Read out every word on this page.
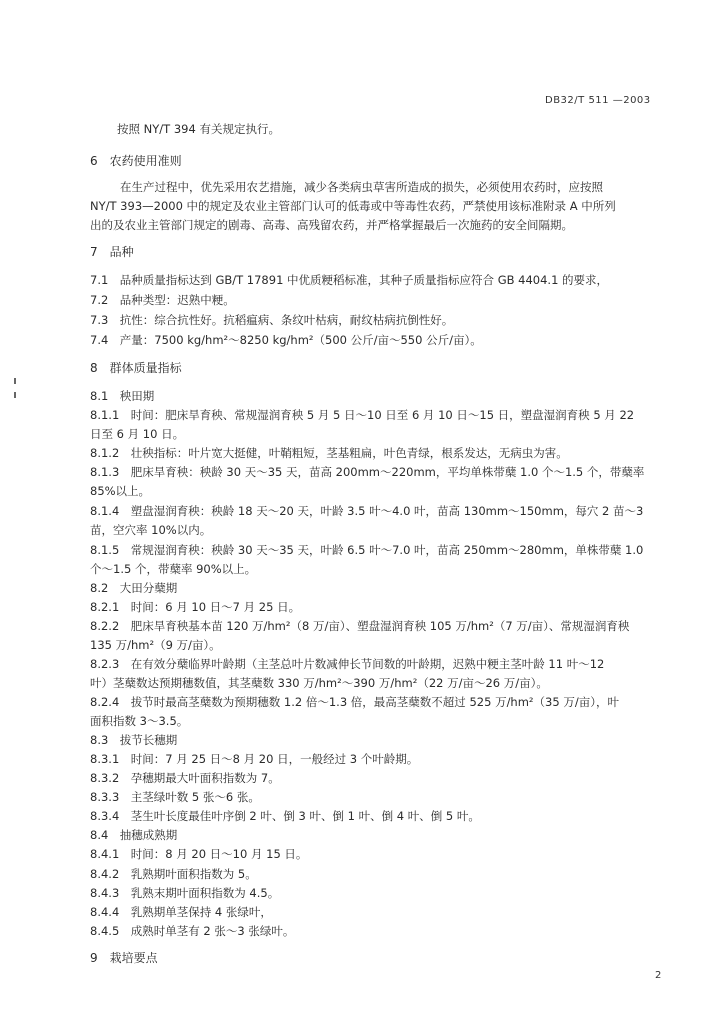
DB32/T 511 —2003
按照 NY/T 394 有关规定执行。
6　农药使用准则
在生产过程中，优先采用农艺措施，减少各类病虫草害所造成的损失，必须使用农药时，应按照
NY/T 393—2000 中的规定及农业主管部门认可的低毒或中等毒性农药，严禁使用该标准附录 A 中所列
出的及农业主管部门规定的剧毒、高毒、高残留农药，并严格掌握最后一次施药的安全间隔期。
7　品种
7.1　品种质量指标达到 GB/T 17891 中优质粳稻标准，其种子质量指标应符合 GB 4404.1 的要求，
7.2　品种类型：迟熟中粳。
7.3　抗性：综合抗性好。抗稻瘟病、条纹叶枯病，耐纹枯病抗倒性好。
7.4　产量：7500 kg/hm²～8250 kg/hm²（500 公斤/亩～550 公斤/亩）。
8　群体质量指标
8.1　秧田期
8.1.1　时间：肥床旱育秧、常规湿润育秧 5 月 5 日～10 日至 6 月 10 日～15 日，塑盘湿润育秧 5 月 22
日至 6 月 10 日。
8.1.2　壮秧指标：叶片宽大挺健，叶鞘粗短，茎基粗扁，叶色青绿，根系发达，无病虫为害。
8.1.3　肥床旱育秧：秧龄 30 天～35 天，苗高 200mm～220mm，平均单株带蘖 1.0 个～1.5 个，带蘖率
85%以上。
8.1.4　塑盘湿润育秧：秧龄 18 天～20 天，叶龄 3.5 叶～4.0 叶，苗高 130mm～150mm，每穴 2 苗～3
苗，空穴率 10%以内。
8.1.5　常规湿润育秧：秧龄 30 天～35 天，叶龄 6.5 叶～7.0 叶，苗高 250mm～280mm，单株带蘖 1.0
个～1.5 个，带蘖率 90%以上。
8.2　大田分蘖期
8.2.1　时间：6 月 10 日～7 月 25 日。
8.2.2　肥床旱育秧基本苗 120 万/hm²（8 万/亩）、塑盘湿润育秧 105 万/hm²（7 万/亩）、常规湿润育秧
135 万/hm²（9 万/亩）。
8.2.3　在有效分蘖临界叶龄期（主茎总叶片数减伸长节间数的叶龄期，迟熟中粳主茎叶龄 11 叶～12
叶）茎蘖数达预期穗数值，其茎蘖数 330 万/hm²～390 万/hm²（22 万/亩～26 万/亩）。
8.2.4　拔节时最高茎蘖数为预期穗数 1.2 倍～1.3 倍，最高茎蘖数不超过 525 万/hm²（35 万/亩），叶
面积指数 3～3.5。
8.3　拔节长穗期
8.3.1　时间：7 月 25 日～8 月 20 日，一般经过 3 个叶龄期。
8.3.2　孕穗期最大叶面积指数为 7。
8.3.3　主茎绿叶数 5 张～6 张。
8.3.4　茎生叶长度最佳叶序倒 2 叶、倒 3 叶、倒 1 叶、倒 4 叶、倒 5 叶。
8.4　抽穗成熟期
8.4.1　时间：8 月 20 日～10 月 15 日。
8.4.2　乳熟期叶面积指数为 5。
8.4.3　乳熟末期叶面积指数为 4.5。
8.4.4　乳熟期单茎保持 4 张绿叶，
8.4.5　成熟时单茎有 2 张～3 张绿叶。
9　栽培要点
2
